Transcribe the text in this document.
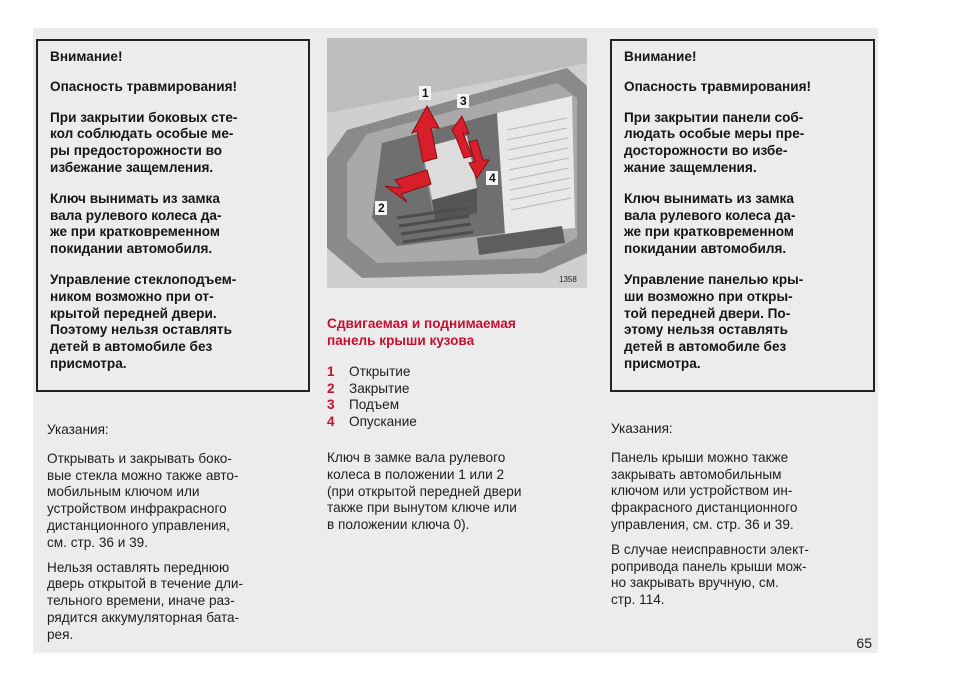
Внимание!

Опасность травмирования!

При закрытии боковых сте-
кол соблюдать особые ме-
ры предосторожности во
избежание защемления.

Ключ вынимать из замка
вала рулевого колеса да-
же при кратковременном
покидании автомобиля.

Управление стеклоподъем-
ником возможно при от-
крытой передней двери.
Поэтому нельзя оставлять
детей в автомобиле без
присмотра.

Указания:

Открывать и закрывать боко-
вые стекла можно также авто-
мобильным ключом или
устройством инфракрасного
дистанционного управления,
см. стр. 36 и 39.

Нельзя оставлять переднюю
дверь открытой в течение дли-
тельного времени, иначе раз-
рядится аккумуляторная бата-
рея.

1
2
3
4
1358
Сдвигаемая и поднимаемая
панель крыши кузова
1	Открытие
2	Закрытие
3	Подъем
4	Опускание
Ключ в замке вала рулевого
колеса в положении 1 или 2
(при открытой передней двери
также при вынутом ключе или
в положении ключа 0).

Внимание!

Опасность травмирования!

При закрытии панели соб-
людать особые меры пре-
досторожности во избе-
жание защемления.

Ключ вынимать из замка
вала рулевого колеса да-
же при кратковременном
покидании автомобиля.

Управление панелью кры-
ши возможно при откры-
той передней двери. По-
этому нельзя оставлять
детей в автомобиле без
присмотра.

Указания:

Панель крыши можно также
закрывать автомобильным
ключом или устройством ин-
фракрасного дистанционного
управления, см. стр. 36 и 39.

В случае неисправности элект-
ропривода панель крыши мож-
но закрывать вручную, см.
стр. 114.

65
